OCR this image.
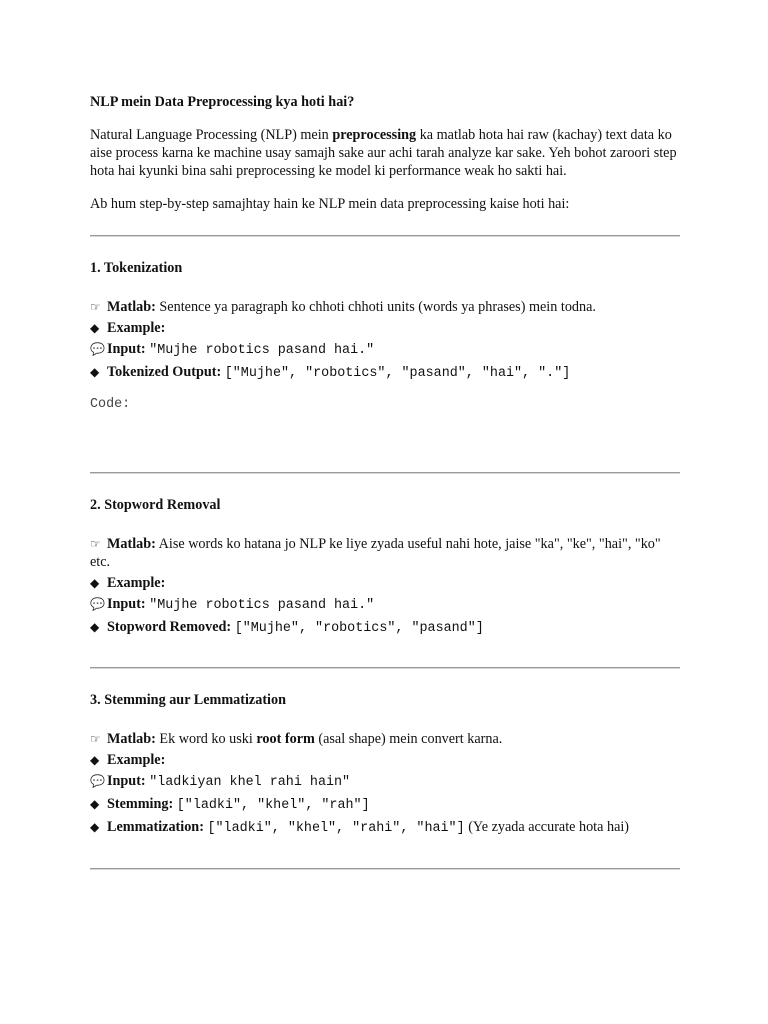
NLP mein Data Preprocessing kya hoti hai?

Natural Language Processing (NLP) mein preprocessing ka matlab hota hai raw (kachay) text data ko aise process karna ke machine usay samajh sake aur achi tarah analyze kar sake. Yeh bohot zaroori step hota hai kyunki bina sahi preprocessing ke model ki performance weak ho sakti hai.

Ab hum step-by-step samajhtay hain ke NLP mein data preprocessing kaise hoti hai:

1. Tokenization

☞ Matlab: Sentence ya paragraph ko chhoti chhoti units (words ya phrases) mein todna.

◆ Example:

💬 Input: "Mujhe robotics pasand hai."

◆ Tokenized Output: ["Mujhe", "robotics", "pasand", "hai", "."]

Code:

2. Stopword Removal

☞ Matlab: Aise words ko hatana jo NLP ke liye zyada useful nahi hote, jaise "ka", "ke", "hai", "ko" etc.

◆ Example:

💬 Input: "Mujhe robotics pasand hai."

◆ Stopword Removed: ["Mujhe", "robotics", "pasand"]

3. Stemming aur Lemmatization

☞ Matlab: Ek word ko uski root form (asal shape) mein convert karna.

◆ Example:

💬 Input: "ladkiyan khel rahi hain"

◆ Stemming: ["ladki", "khel", "rah"]

◆ Lemmatization: ["ladki", "khel", "rahi", "hai"] (Ye zyada accurate hota hai)
